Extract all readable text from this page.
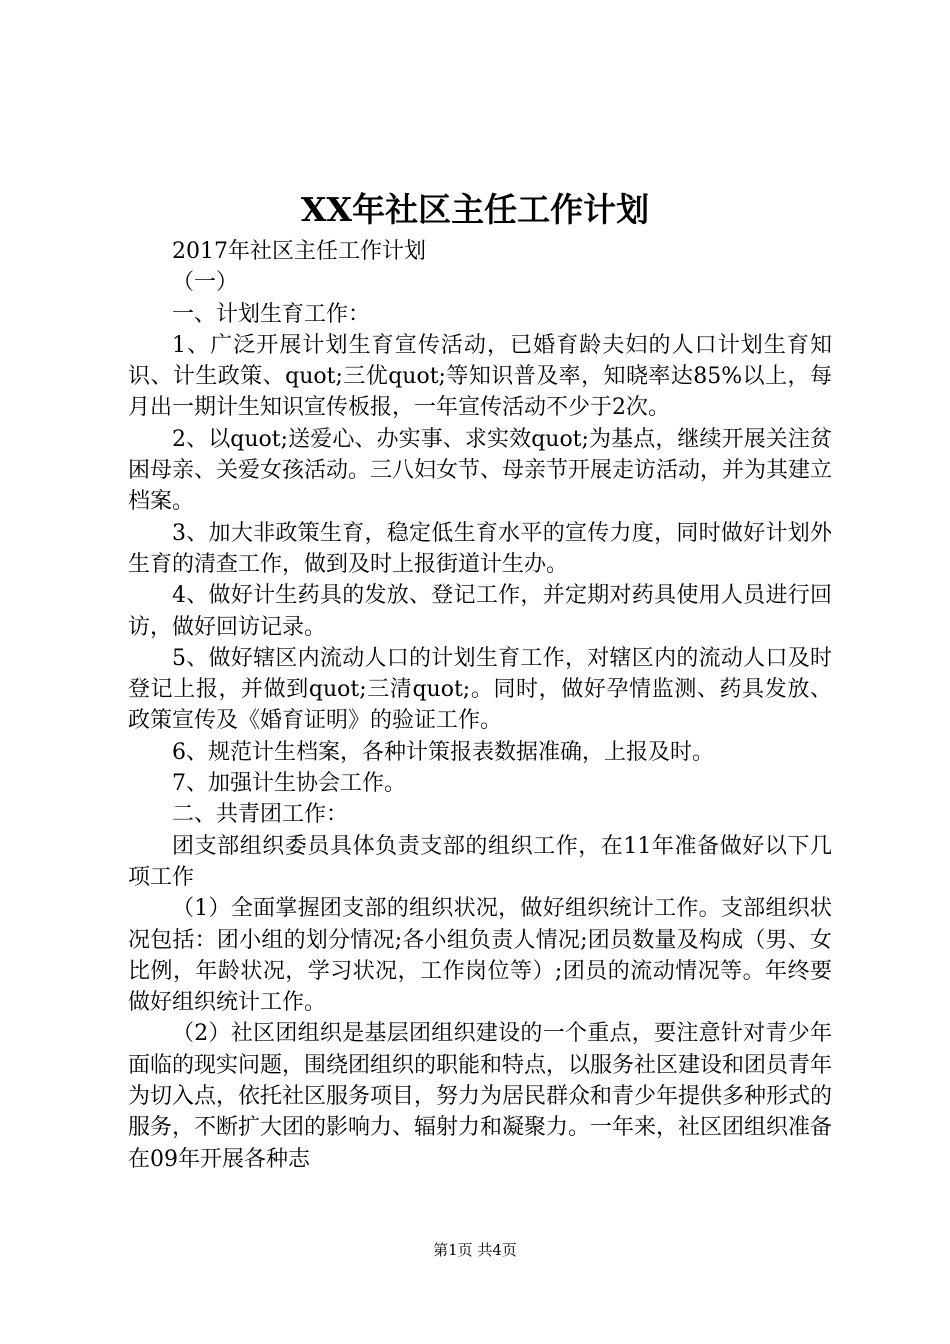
XX年社区主任工作计划

2017年社区主任工作计划

（一）

一、计划生育工作：

1、广泛开展计划生育宣传活动，已婚育龄夫妇的人口计划生育知识、计生政策、quot;三优quot;等知识普及率，知晓率达85%以上，每月出一期计生知识宣传板报，一年宣传活动不少于2次。

2、以quot;送爱心、办实事、求实效quot;为基点，继续开展关注贫困母亲、关爱女孩活动。三八妇女节、母亲节开展走访活动，并为其建立档案。

3、加大非政策生育，稳定低生育水平的宣传力度，同时做好计划外生育的清查工作，做到及时上报街道计生办。

4、做好计生药具的发放、登记工作，并定期对药具使用人员进行回访，做好回访记录。

5、做好辖区内流动人口的计划生育工作，对辖区内的流动人口及时登记上报，并做到quot;三清quot;。同时，做好孕情监测、药具发放、政策宣传及《婚育证明》的验证工作。

6、规范计生档案，各种计策报表数据准确，上报及时。

7、加强计生协会工作。

二、共青团工作：

团支部组织委员具体负责支部的组织工作，在11年准备做好以下几项工作

（1）全面掌握团支部的组织状况，做好组织统计工作。支部组织状况包括：团小组的划分情况;各小组负责人情况;团员数量及构成（男、女比例，年龄状况，学习状况，工作岗位等）;团员的流动情况等。年终要做好组织统计工作。

（2）社区团组织是基层团组织建设的一个重点，要注意针对青少年面临的现实问题，围绕团组织的职能和特点，以服务社区建设和团员青年为切入点，依托社区服务项目，努力为居民群众和青少年提供多种形式的服务，不断扩大团的影响力、辐射力和凝聚力。一年来，社区团组织准备在09年开展各种志

第1页 共4页
